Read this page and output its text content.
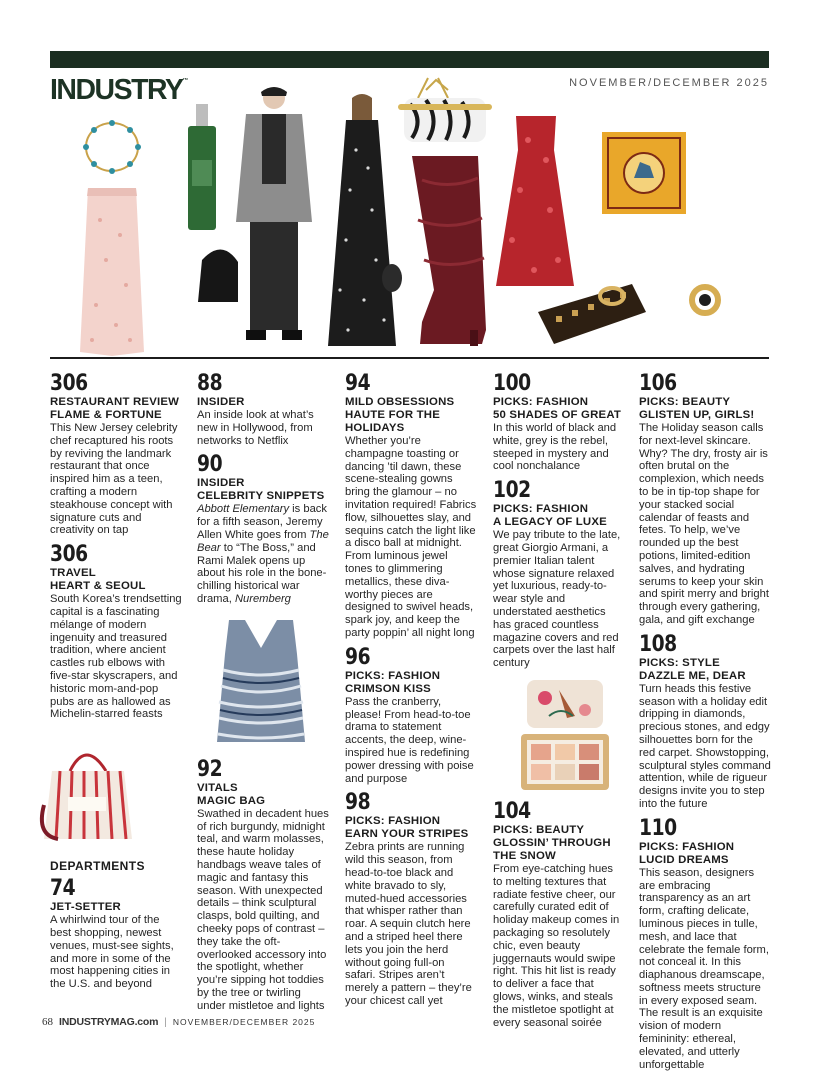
INDUSTRY™	NOVEMBER/DECEMBER 2025
306
RESTAURANT REVIEW
FLAME & FORTUNE
This New Jersey celebrity chef recaptured his roots by reviving the landmark restaurant that once inspired him as a teen, crafting a modern steakhouse concept with signature cuts and creativity on tap
306
TRAVEL
HEART & SEOUL
South Korea’s trendsetting capital is a fascinating mélange of modern ingenuity and treasured tradition, where ancient castles rub elbows with five-star skyscrapers, and historic mom-and-pop pubs are as hallowed as Michelin-starred feasts
DEPARTMENTS
74
JET-SETTER
A whirlwind tour of the best shopping, newest venues, must-see sights, and more in some of the most happening cities in the U.S. and beyond
88
INSIDER
An inside look at what’s new in Hollywood, from networks to Netflix
90
INSIDER
CELEBRITY SNIPPETS
Abbott Elementary is back for a fifth season, Jeremy Allen White goes from The Bear to “The Boss,” and Rami Malek opens up about his role in the bone-chilling historical war drama, Nuremberg
92
VITALS
MAGIC BAG
Swathed in decadent hues of rich burgundy, midnight teal, and warm molasses, these haute holiday handbags weave tales of magic and fantasy this season. With unexpected details – think sculptural clasps, bold quilting, and cheeky pops of contrast – they take the oft-overlooked accessory into the spotlight, whether you’re sipping hot toddies by the tree or twirling under mistletoe and lights
94
MILD OBSESSIONS
HAUTE FOR THE HOLIDAYS
Whether you’re champagne toasting or dancing ’til dawn, these scene-stealing gowns bring the glamour – no invitation required! Fabrics flow, silhouettes slay, and sequins catch the light like a disco ball at midnight. From luminous jewel tones to glimmering metallics, these diva-worthy pieces are designed to swivel heads, spark joy, and keep the party poppin’ all night long
96
PICKS: FASHION
CRIMSON KISS
Pass the cranberry, please! From head-to-toe drama to statement accents, the deep, wine-inspired hue is redefining power dressing with poise and purpose
98
PICKS: FASHION
EARN YOUR STRIPES
Zebra prints are running wild this season, from head-to-toe black and white bravado to sly, muted-hued accessories that whisper rather than roar. A sequin clutch here and a striped heel there lets you join the herd without going full-on safari. Stripes aren’t merely a pattern – they’re your chicest call yet
100
PICKS: FASHION
50 SHADES OF GREAT
In this world of black and white, grey is the rebel, steeped in mystery and cool nonchalance
102
PICKS: FASHION
A LEGACY OF LUXE
We pay tribute to the late, great Giorgio Armani, a premier Italian talent whose signature relaxed yet luxurious, ready-to-wear style and understated aesthetics has graced countless magazine covers and red carpets over the last half century
104
PICKS: BEAUTY
GLOSSIN’ THROUGH THE SNOW
From eye-catching hues to melting textures that radiate festive cheer, our carefully curated edit of holiday makeup comes in packaging so resolutely chic, even beauty juggernauts would swipe right. This hit list is ready to deliver a face that glows, winks, and steals the mistletoe spotlight at every seasonal soirée
106
PICKS: BEAUTY
GLISTEN UP, GIRLS!
The Holiday season calls for next-level skincare. Why? The dry, frosty air is often brutal on the complexion, which needs to be in tip-top shape for your stacked social calendar of feasts and fetes. To help, we’ve rounded up the best potions, limited-edition salves, and hydrating serums to keep your skin and spirit merry and bright through every gathering, gala, and gift exchange
108
PICKS: STYLE
DAZZLE ME, DEAR
Turn heads this festive season with a holiday edit dripping in diamonds, precious stones, and edgy silhouettes born for the red carpet. Showstopping, sculptural styles command attention, while de rigueur designs invite you to step into the future
110
PICKS: FASHION
LUCID DREAMS
This season, designers are embracing transparency as an art form, crafting delicate, luminous pieces in tulle, mesh, and lace that celebrate the female form, not conceal it. In this diaphanous dreamscape, softness meets structure in every exposed seam. The result is an exquisite vision of modern femininity: ethereal, elevated, and utterly unforgettable
68 INDUSTRYMAG.com | NOVEMBER/DECEMBER 2025
